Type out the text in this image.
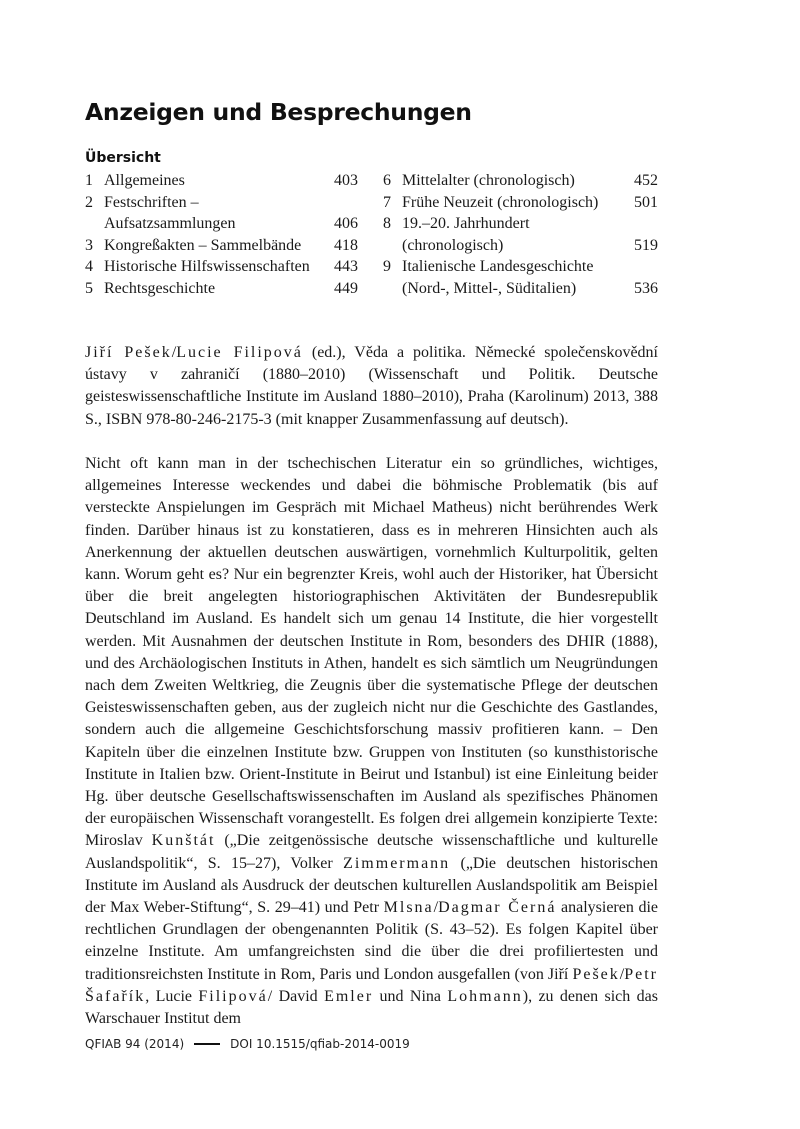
Anzeigen und Besprechungen
Übersicht
1 Allgemeines	403
2 Festschriften – Aufsatzsammlungen	406
3 Kongreßakten – Sammelbände	418
4 Historische Hilfswissenschaften	443
5 Rechtsgeschichte	449
6 Mittelalter (chronologisch)	452
7 Frühe Neuzeit (chronologisch)	501
8 19.–20. Jahrhundert (chronologisch)	519
9 Italienische Landesgeschichte (Nord-, Mittel-, Süditalien)	536

Jiří Pešek/Lucie Filipová (ed.), Věda a politika. Německé společenskovědní ústavy v zahraničí (1880–2010) (Wissenschaft und Politik. Deutsche geisteswissenschaftliche Institute im Ausland 1880–2010), Praha (Karolinum) 2013, 388 S., ISBN 978-80-246-2175-3 (mit knapper Zusammenfassung auf deutsch).

Nicht oft kann man in der tschechischen Literatur ein so gründliches, wichtiges, allgemeines Interesse weckendes und dabei die böhmische Problematik (bis auf versteckte Anspielungen im Gespräch mit Michael Matheus) nicht berührendes Werk finden. Darüber hinaus ist zu konstatieren, dass es in mehreren Hinsichten auch als Anerkennung der aktuellen deutschen auswärtigen, vornehmlich Kulturpolitik, gelten kann. Worum geht es? Nur ein begrenzter Kreis, wohl auch der Historiker, hat Übersicht über die breit angelegten historiographischen Aktivitäten der Bundesrepublik Deutschland im Ausland. Es handelt sich um genau 14 Institute, die hier vorgestellt werden. Mit Ausnahmen der deutschen Institute in Rom, besonders des DHIR (1888), und des Archäologischen Instituts in Athen, handelt es sich sämtlich um Neugründungen nach dem Zweiten Weltkrieg, die Zeugnis über die systematische Pflege der deutschen Geisteswissenschaften geben, aus der zugleich nicht nur die Geschichte des Gastlandes, sondern auch die allgemeine Geschichtsforschung massiv profitieren kann. – Den Kapiteln über die einzelnen Institute bzw. Gruppen von Instituten (so kunsthistorische Institute in Italien bzw. Orient-Institute in Beirut und Istanbul) ist eine Einleitung beider Hg. über deutsche Gesellschaftswissenschaften im Ausland als spezifisches Phänomen der europäischen Wissenschaft vorangestellt. Es folgen drei allgemein konzipierte Texte: Miroslav Kunštát („Die zeitgenössische deutsche wissenschaftliche und kulturelle Auslandspolitik“, S. 15–27), Volker Zimmermann („Die deutschen historischen Institute im Ausland als Ausdruck der deutschen kulturellen Auslandspolitik am Beispiel der Max Weber-Stiftung“, S. 29–41) und Petr Mlsna/Dagmar Černá analysieren die rechtlichen Grundlagen der obengenannten Politik (S. 43–52). Es folgen Kapitel über einzelne Institute. Am umfangreichsten sind die über die drei profiliertesten und traditionsreichsten Institute in Rom, Paris und London ausgefallen (von Jiří Pešek/Petr Šafařík, Lucie Filipová/ David Emler und Nina Lohmann), zu denen sich das Warschauer Institut dem

QFIAB 94 (2014)	DOI 10.1515/qfiab-2014-0019
